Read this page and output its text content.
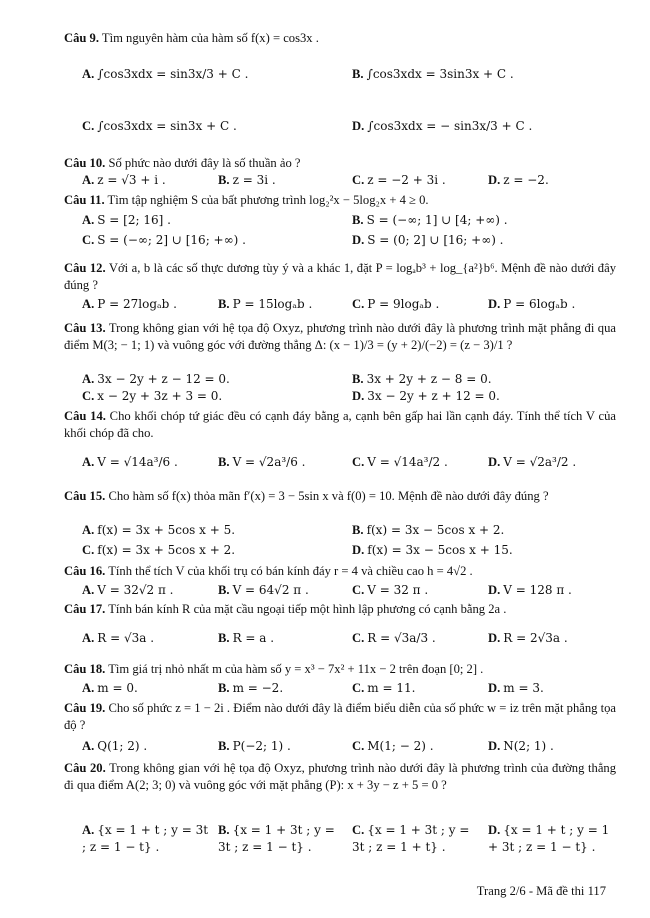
Câu 9. Tìm nguyên hàm của hàm số f(x) = cos3x .
A. ∫cos3xdx = sin3x/3 + C .	B. ∫cos3xdx = 3sin3x + C .
C. ∫cos3xdx = sin3x + C .	D. ∫cos3xdx = − sin3x/3 + C .
Câu 10. Số phức nào dưới đây là số thuần ảo ?
A. z = √3 + i .	B. z = 3i .	C. z = −2 + 3i .	D. z = −2.
Câu 11. Tìm tập nghiệm S của bất phương trình log₂²x − 5log₂x + 4 ≥ 0.
A. S = [2; 16] .	B. S = (−∞; 1] ∪ [4; +∞) .
C. S = (−∞; 2] ∪ [16; +∞) .	D. S = (0; 2] ∪ [16; +∞) .
Câu 12. Với a, b là các số thực dương tùy ý và a khác 1, đặt P = logₐb³ + log_{a²}b⁶. Mệnh đề nào dưới đây đúng ?
A. P = 27logₐb .	B. P = 15logₐb .	C. P = 9logₐb .	D. P = 6logₐb .
Câu 13. Trong không gian với hệ tọa độ Oxyz, phương trình nào dưới đây là phương trình mặt phẳng đi qua điểm M(3; − 1; 1) và vuông góc với đường thẳng Δ: (x − 1)/3 = (y + 2)/(−2) = (z − 3)/1 ?
A. 3x − 2y + z − 12 = 0.	B. 3x + 2y + z − 8 = 0.
C. x − 2y + 3z + 3 = 0.	D. 3x − 2y + z + 12 = 0.
Câu 14. Cho khối chóp tứ giác đều có cạnh đáy bằng a, cạnh bên gấp hai lần cạnh đáy. Tính thể tích V của khối chóp đã cho.
A. V = √14a³/6 .	B. V = √2a³/6 .	C. V = √14a³/2 .	D. V = √2a³/2 .
Câu 15. Cho hàm số f(x) thỏa mãn f′(x) = 3 − 5sin x và f(0) = 10. Mệnh đề nào dưới đây đúng ?
A. f(x) = 3x + 5cos x + 5.	B. f(x) = 3x − 5cos x + 2.
C. f(x) = 3x + 5cos x + 2.	D. f(x) = 3x − 5cos x + 15.
Câu 16. Tính thể tích V của khối trụ có bán kính đáy r = 4 và chiều cao h = 4√2 .
A. V = 32√2 π .	B. V = 64√2 π .	C. V = 32 π .	D. V = 128 π .
Câu 17. Tính bán kính R của mặt cầu ngoại tiếp một hình lập phương có cạnh bằng 2a .
A. R = √3a .	B. R = a .	C. R = √3a/3 .	D. R = 2√3a .
Câu 18. Tìm giá trị nhỏ nhất m của hàm số y = x³ − 7x² + 11x − 2 trên đoạn [0; 2] .
A. m = 0.	B. m = −2.	C. m = 11.	D. m = 3.
Câu 19. Cho số phức z = 1 − 2i . Điểm nào dưới đây là điểm biểu diễn của số phức w = iz trên mặt phẳng tọa độ ?
A. Q(1; 2) .	B. P(−2; 1) .	C. M(1; − 2) .	D. N(2; 1) .
Câu 20. Trong không gian với hệ tọa độ Oxyz, phương trình nào dưới đây là phương trình của đường thẳng đi qua điểm A(2; 3; 0) và vuông góc với mặt phẳng (P): x + 3y − z + 5 = 0 ?
A. {x = 1 + t ; y = 3t ; z = 1 − t} .
B. {x = 1 + 3t ; y = 3t ; z = 1 − t} .
C. {x = 1 + 3t ; y = 3t ; z = 1 + t} .
D. {x = 1 + t ; y = 1 + 3t ; z = 1 − t} .
Trang 2/6 - Mã đề thi 117
